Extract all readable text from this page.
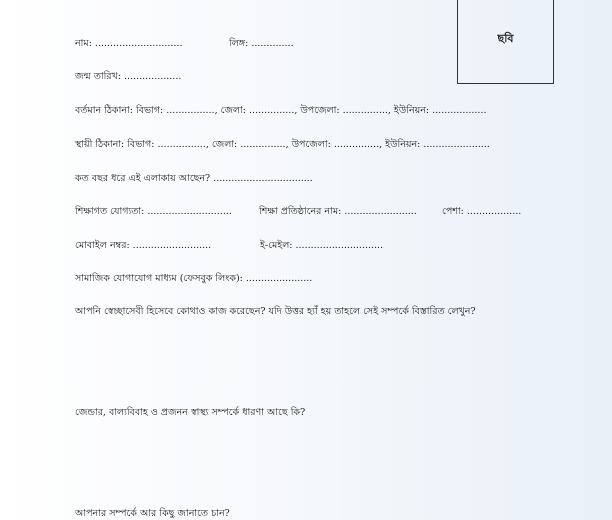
ছবি
নাম: .............................	লিঙ্গ: ..............
জন্ম তারিখ: ...................
বর্তমান ঠিকানা: বিভাগ: ................, জেলা: ..............., উপজেলা: ..............., ইউনিয়ন: ..................
স্থায়ী ঠিকানা: বিভাগ: ................, জেলা: ..............., উপজেলা: ..............., ইউনিয়ন: ......................
কত বছর ধরে এই এলাকায় আছেন? .................................
শিক্ষাগত যোগ্যতা: ............................	শিক্ষা প্রতিষ্ঠানের নাম: ........................	পেশা: ..................
মোবাইল নম্বর: ..........................	ই-মেইল: .............................
সামাজিক যোগাযোগ মাধ্যম (ফেসবুক লিংক): ......................
আপনি স্বেচ্ছাসেবী হিসেবে কোথাও কাজ করেছেন? যদি উত্তর হ্যাঁ হয় তাহলে সেই সম্পর্কে বিস্তারিত লেখুন?
জেন্ডার, বাল্যবিবাহ ও প্রজনন স্বাস্থ্য সম্পর্কে ধারণা আছে কি?
আপনার সম্পর্কে আর কিছু জানাতে চান?
